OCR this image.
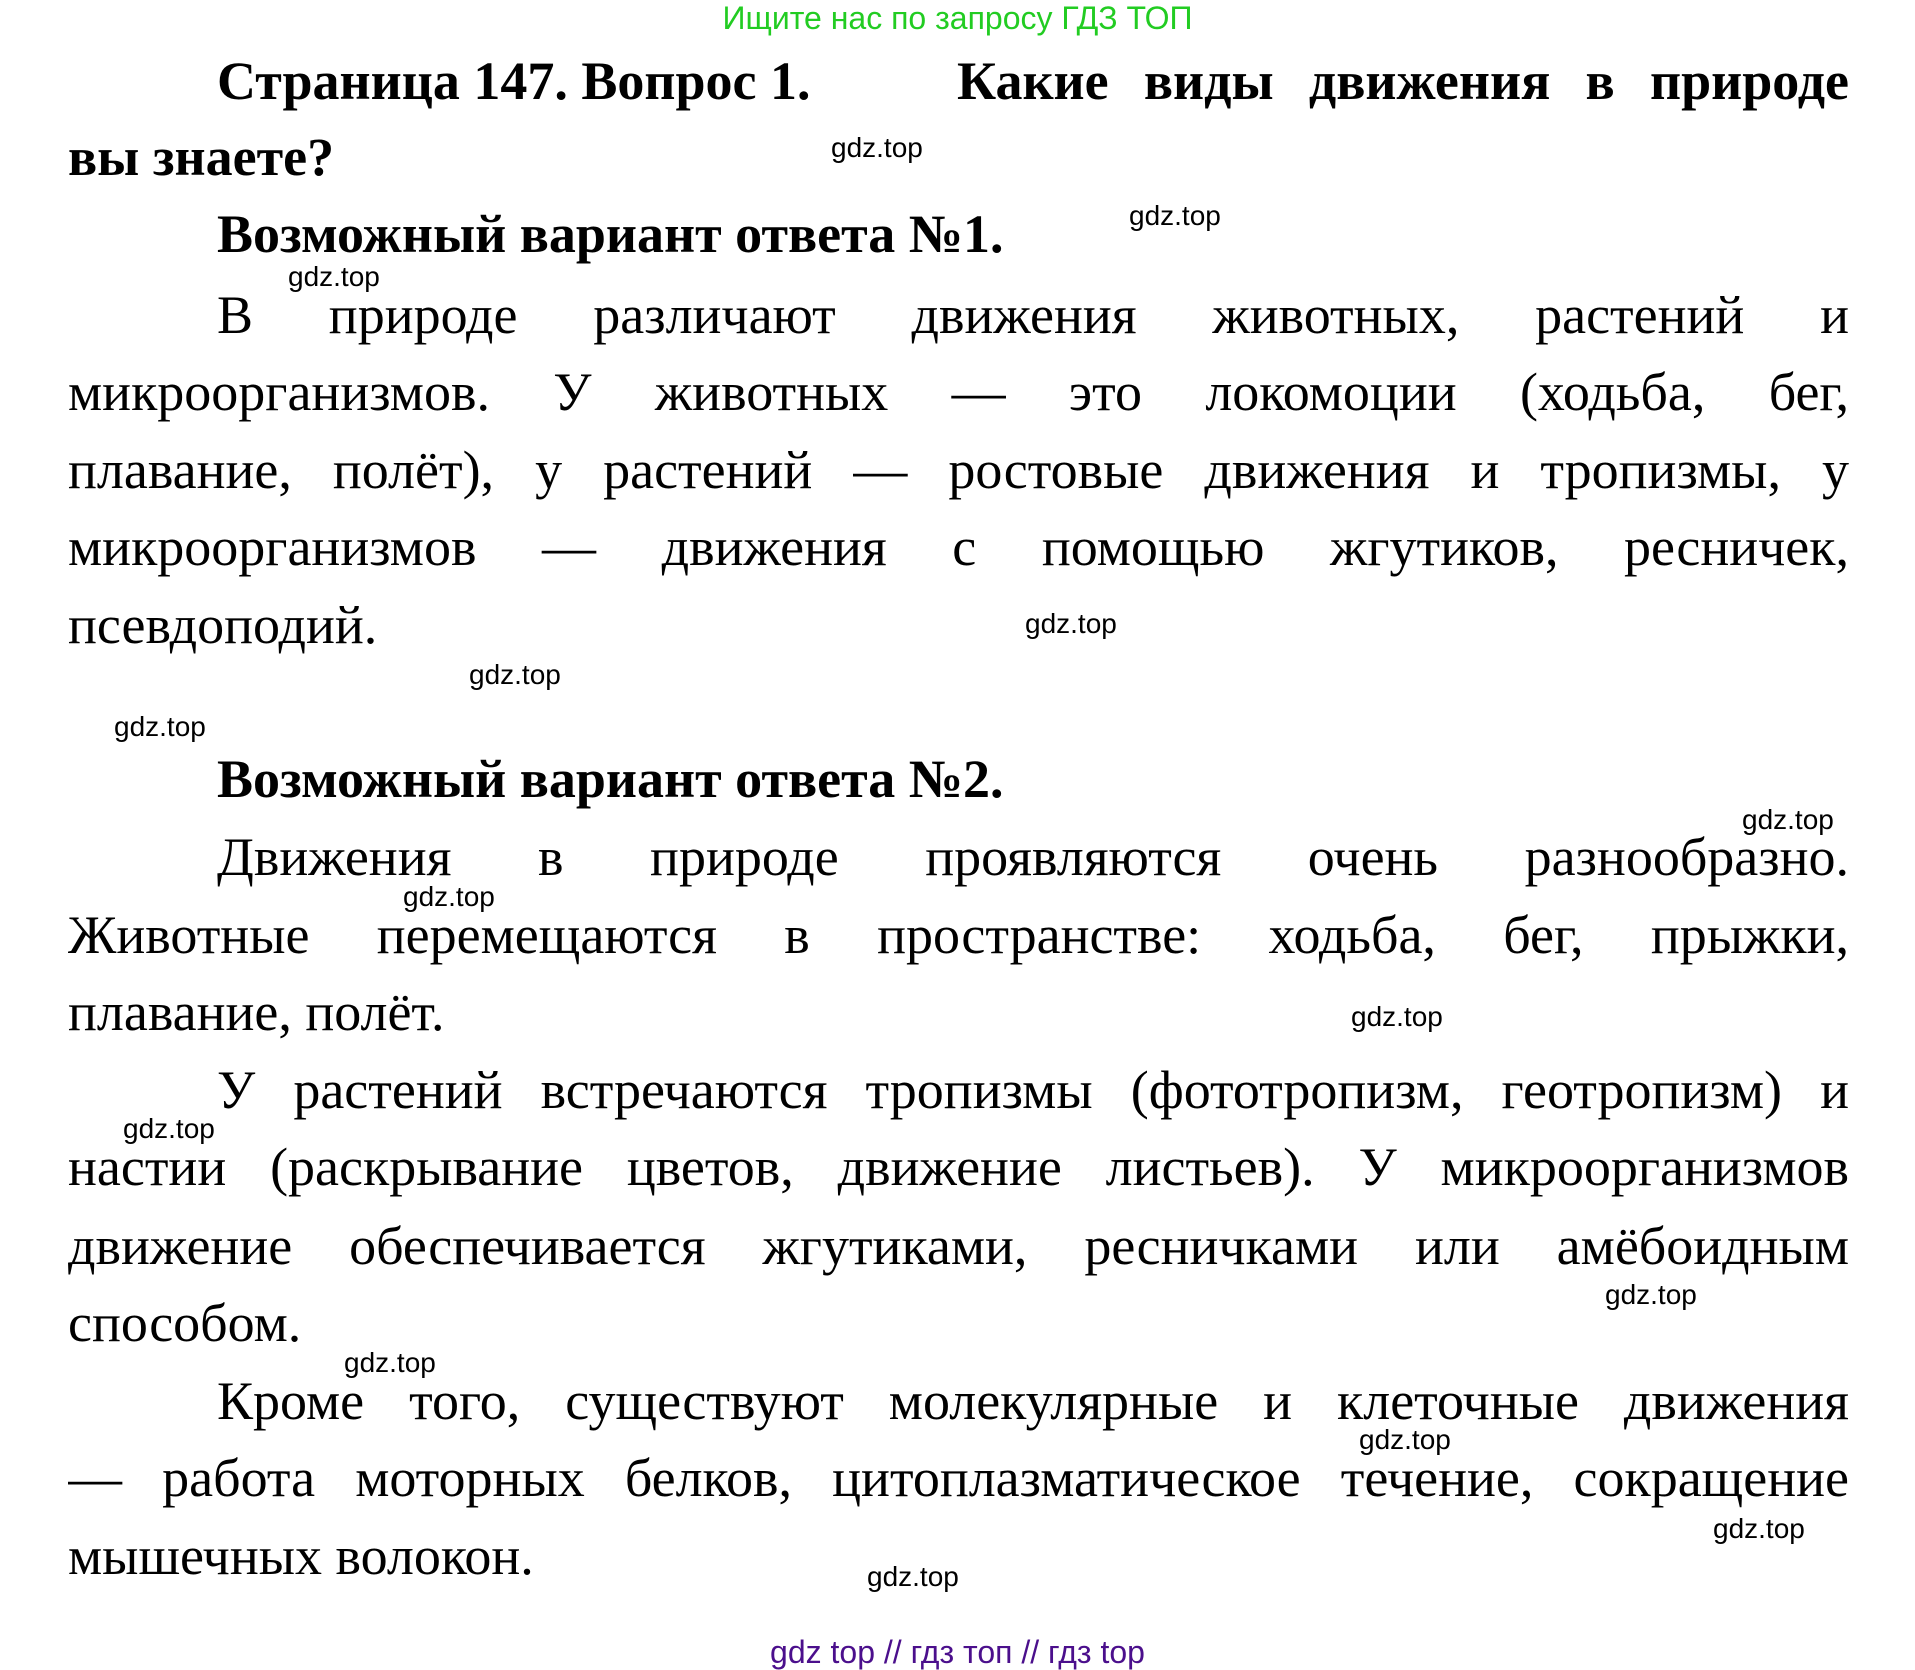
Ищите нас по запросу ГДЗ ТОП
Страница 147. Вопрос 1.	Какие виды движения в природе
вы знаете?
Возможный вариант ответа №1.
В природе различают движения животных, растений и
микроорганизмов. У животных — это локомоции (ходьба, бег,
плавание, полёт), у растений — ростовые движения и тропизмы, у
микроорганизмов — движения с помощью жгутиков, ресничек,
псевдоподий.
Возможный вариант ответа №2.
Движения в природе проявляются очень разнообразно.
Животные перемещаются в пространстве: ходьба, бег, прыжки,
плавание, полёт.
У растений встречаются тропизмы (фототропизм, геотропизм) и
настии (раскрывание цветов, движение листьев). У микроорганизмов
движение обеспечивается жгутиками, ресничками или амёбоидным
способом.
Кроме того, существуют молекулярные и клеточные движения
— работа моторных белков, цитоплазматическое течение, сокращение
мышечных волокон.
gdz.top
gdz.top
gdz.top
gdz.top
gdz.top
gdz.top
gdz.top
gdz.top
gdz.top
gdz.top
gdz.top
gdz.top
gdz.top
gdz.top
gdz.top
gdz top // гдз топ // гдз top
